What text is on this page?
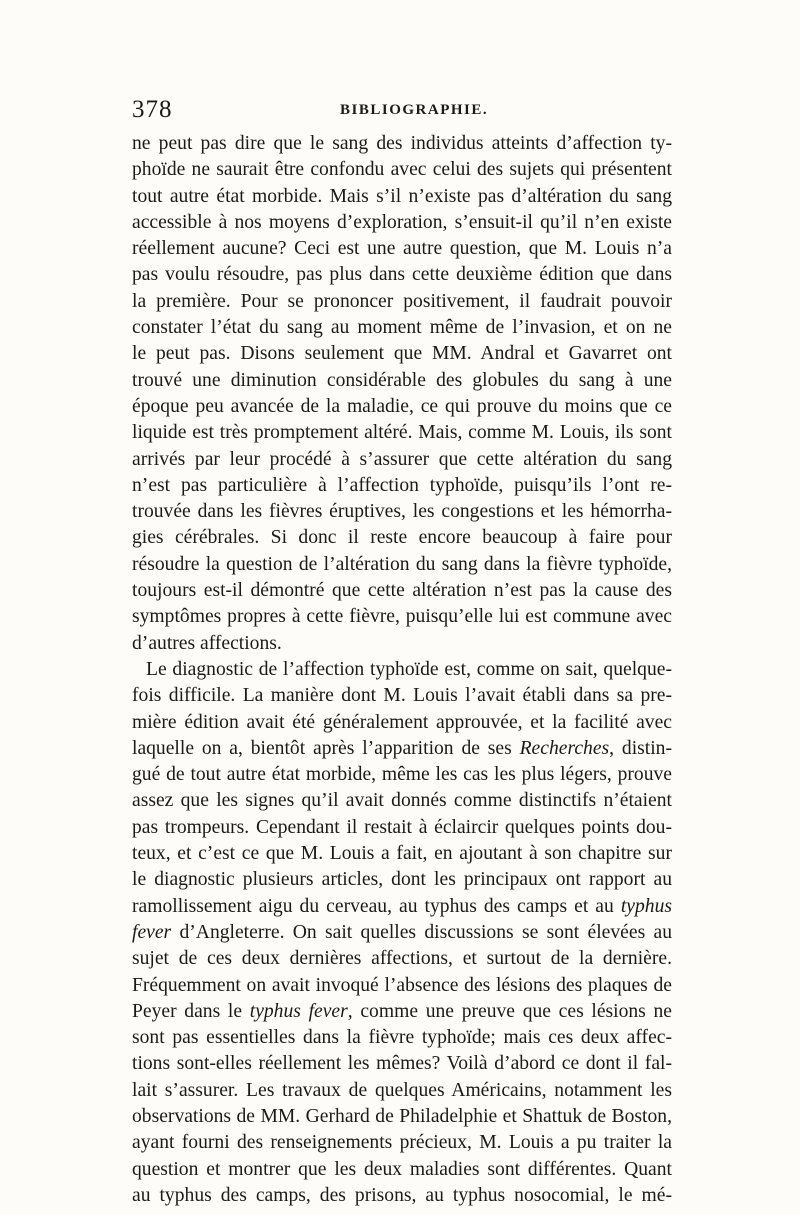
378	BIBLIOGRAPHIE.
ne peut pas dire que le sang des individus atteints d’affection ty-
phoïde ne saurait être confondu avec celui des sujets qui présentent
tout autre état morbide. Mais s’il n’existe pas d’altération du sang
accessible à nos moyens d’exploration, s’ensuit-il qu’il n’en existe
réellement aucune? Ceci est une autre question, que M. Louis n’a
pas voulu résoudre, pas plus dans cette deuxième édition que dans
la première. Pour se prononcer positivement, il faudrait pouvoir
constater l’état du sang au moment même de l’invasion, et on ne
le peut pas. Disons seulement que MM. Andral et Gavarret ont
trouvé une diminution considérable des globules du sang à une
époque peu avancée de la maladie, ce qui prouve du moins que ce
liquide est très promptement altéré. Mais, comme M. Louis, ils sont
arrivés par leur procédé à s’assurer que cette altération du sang
n’est pas particulière à l’affection typhoïde, puisqu’ils l’ont re-
trouvée dans les fièvres éruptives, les congestions et les hémorrha-
gies cérébrales. Si donc il reste encore beaucoup à faire pour
résoudre la question de l’altération du sang dans la fièvre typhoïde,
toujours est-il démontré que cette altération n’est pas la cause des
symptômes propres à cette fièvre, puisqu’elle lui est commune avec
d’autres affections.
Le diagnostic de l’affection typhoïde est, comme on sait, quelque-
fois difficile. La manière dont M. Louis l’avait établi dans sa pre-
mière édition avait été généralement approuvée, et la facilité avec
laquelle on a, bientôt après l’apparition de ses Recherches, distin-
gué de tout autre état morbide, même les cas les plus légers, prouve
assez que les signes qu’il avait donnés comme distinctifs n’étaient
pas trompeurs. Cependant il restait à éclaircir quelques points dou-
teux, et c’est ce que M. Louis a fait, en ajoutant à son chapitre sur
le diagnostic plusieurs articles, dont les principaux ont rapport au
ramollissement aigu du cerveau, au typhus des camps et au typhus
fever d’Angleterre. On sait quelles discussions se sont élevées au
sujet de ces deux dernières affections, et surtout de la dernière.
Fréquemment on avait invoqué l’absence des lésions des plaques de
Peyer dans le typhus fever, comme une preuve que ces lésions ne
sont pas essentielles dans la fièvre typhoïde; mais ces deux affec-
tions sont-elles réellement les mêmes? Voilà d’abord ce dont il fal-
lait s’assurer. Les travaux de quelques Américains, notamment les
observations de MM. Gerhard de Philadelphie et Shattuk de Boston,
ayant fourni des renseignements précieux, M. Louis a pu traiter la
question et montrer que les deux maladies sont différentes. Quant
au typhus des camps, des prisons, au typhus nosocomial, le mé-
